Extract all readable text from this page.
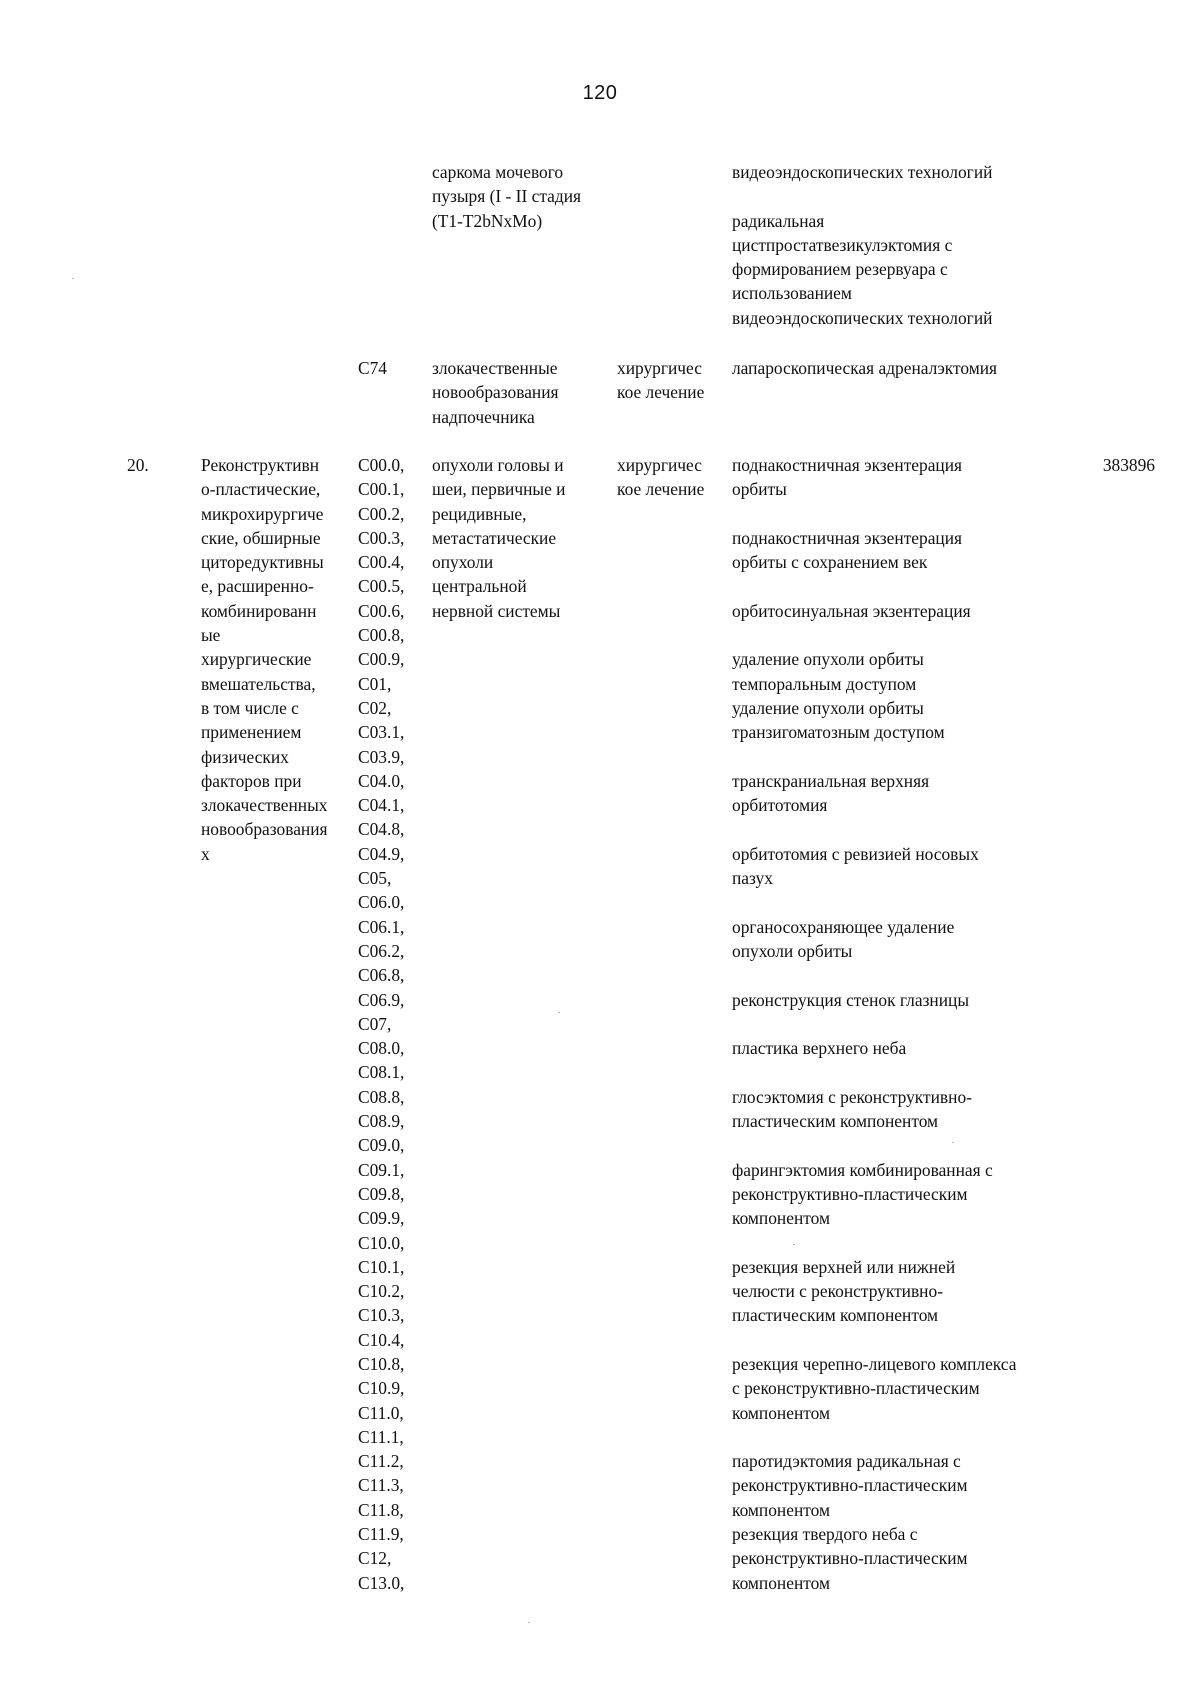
120
саркома мочевого
пузыря (I - II стадия
(T1-T2bNxMo)
видеоэндоскопических технологий
радикальная
цистпростатвезикулэктомия с
формированием резервуара с
использованием
видеоэндоскопических технологий
C74	злокачественные
новообразования
надпочечника
хирургичес
кое лечение
лапароскопическая адреналэктомия
20.	Реконструктивн
о-пластические,
микрохирургиче
ские, обширные
циторедуктивны
е, расширенно-
комбинированн
ые
хирургические
вмешательства,
в том числе с
применением
физических
факторов при
злокачественных
новообразования
х
C00.0,
C00.1,
C00.2,
C00.3,
C00.4,
C00.5,
C00.6,
C00.8,
C00.9,
C01,
C02,
C03.1,
C03.9,
C04.0,
C04.1,
C04.8,
C04.9,
C05,
C06.0,
C06.1,
C06.2,
C06.8,
C06.9,
C07,
C08.0,
C08.1,
C08.8,
C08.9,
C09.0,
C09.1,
C09.8,
C09.9,
C10.0,
C10.1,
C10.2,
C10.3,
C10.4,
C10.8,
C10.9,
C11.0,
C11.1,
C11.2,
C11.3,
C11.8,
C11.9,
C12,
C13.0,
опухоли головы и
шеи, первичные и
рецидивные,
метастатические
опухоли
центральной
нервной системы
хирургичес
кое лечение
поднакостничная экзентерация
орбиты
поднакостничная экзентерация
орбиты с сохранением век
орбитосинуальная экзентерация
удаление опухоли орбиты
темпоральным доступом
удаление опухоли орбиты
транзигоматозным доступом
транскраниальная верхняя
орбитотомия
орбитотомия с ревизией носовых
пазух
органосохраняющее удаление
опухоли орбиты
реконструкция стенок глазницы
пластика верхнего неба
глосэктомия с реконструктивно-
пластическим компонентом
фарингэктомия комбинированная с
реконструктивно-пластическим
компонентом
резекция верхней или нижней
челюсти с реконструктивно-
пластическим компонентом
резекция черепно-лицевого комплекса
с реконструктивно-пластическим
компонентом
паротидэктомия радикальная с
реконструктивно-пластическим
компонентом
резекция твердого неба с
реконструктивно-пластическим
компонентом
383896
